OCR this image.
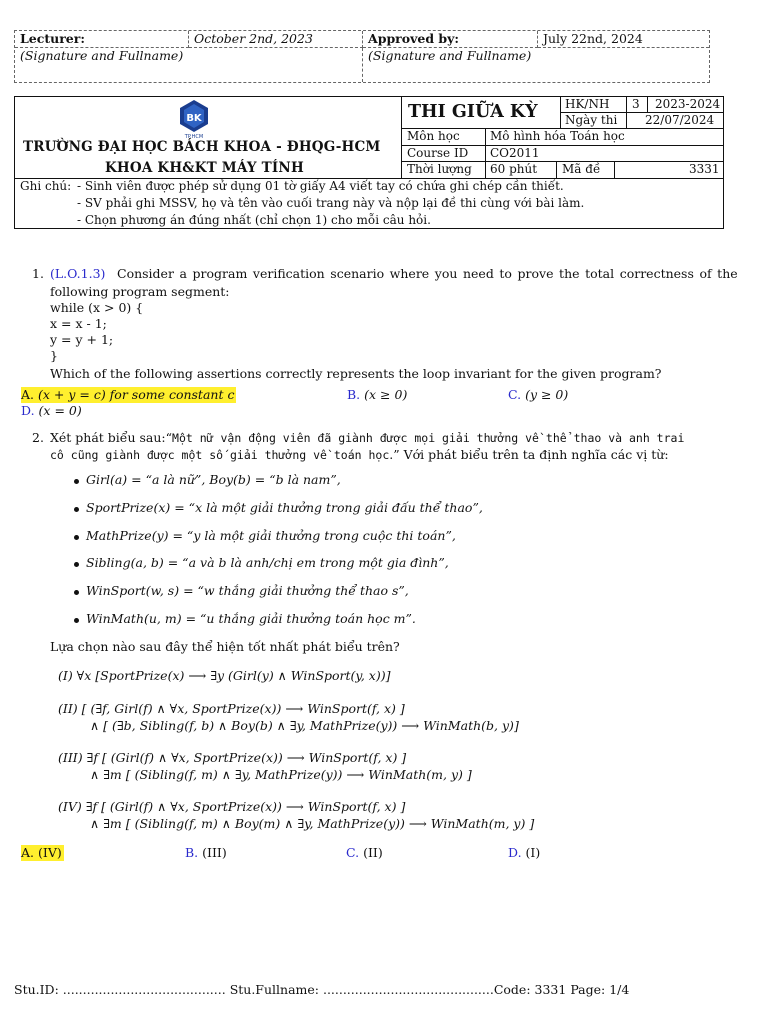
Lecturer:	October 2nd, 2023	Approved by:	July 22nd, 2024
(Signature and Fullname)	(Signature and Fullname)
BK
TP.HCM
TRƯỜNG ĐẠI HỌC BÁCH KHOA - ĐHQG-HCM
KHOA KH&KT MÁY TÍNH
THI GIỮA KỲ HK/NH 3 2023-2024
Ngày thi 22/07/2024
Môn học	Mô hình hóa Toán học
Course ID CO2011
Thời lượng 60 phút Mã đề	3331
Ghi chú: - Sinh viên được phép sử dụng 01 tờ giấy A4 viết tay có chứa ghi chép cần thiết.
- SV phải ghi MSSV, họ và tên vào cuối trang này và nộp lại đề thi cùng với bài làm.
- Chọn phương án đúng nhất (chỉ chọn 1) cho mỗi câu hỏi.
1. (L.O.1.3) Consider a program verification scenario where you need to prove the total correctness of the
following program segment:
while (x > 0) {
x = x - 1;
y = y + 1;
}
Which of the following assertions correctly represents the loop invariant for the given program?
A. (x + y = c) for some constant c	B. (x ≥ 0)	C. (y ≥ 0)
D. (x = 0)
2. Xét phát biểu sau:“Một nữ vận động viên đã giành được mọi giải thưởng về thể thao và anh trai
cô cũng giành được một số giải thưởng về toán học.” Với phát biểu trên ta định nghĩa các vị từ:
Girl(a) = “a là nữ”, Boy(b) = “b là nam”,
SportPrize(x) = “x là một giải thưởng trong giải đấu thể thao”,
MathPrize(y) = “y là một giải thưởng trong cuộc thi toán”,
Sibling(a, b) = “a và b là anh/chị em trong một gia đình”,
WinSport(w, s) = “w thắng giải thưởng thể thao s”,
WinMath(u, m) = “u thắng giải thưởng toán học m”.
Lựa chọn nào sau đây thể hiện tốt nhất phát biểu trên?
(I) ∀x [SportPrize(x) ⟶ ∃y (Girl(y) ∧ WinSport(y, x))]
(II) [ (∃f, Girl(f) ∧ ∀x, SportPrize(x)) ⟶ WinSport(f, x) ]
∧ [ (∃b, Sibling(f, b) ∧ Boy(b) ∧ ∃y, MathPrize(y)) ⟶ WinMath(b, y)]
(III) ∃f [ (Girl(f) ∧ ∀x, SportPrize(x)) ⟶ WinSport(f, x) ]
∧ ∃m [ (Sibling(f, m) ∧ ∃y, MathPrize(y)) ⟶ WinMath(m, y) ]
(IV) ∃f [ (Girl(f) ∧ ∀x, SportPrize(x)) ⟶ WinSport(f, x) ]
∧ ∃m [ (Sibling(f, m) ∧ Boy(m) ∧ ∃y, MathPrize(y)) ⟶ WinMath(m, y) ]
A. (IV)	B. (III)	C. (II)	D. (I)
Stu.ID: ......................................... Stu.Fullname: ...........................................Code: 3331 Page: 1/4
